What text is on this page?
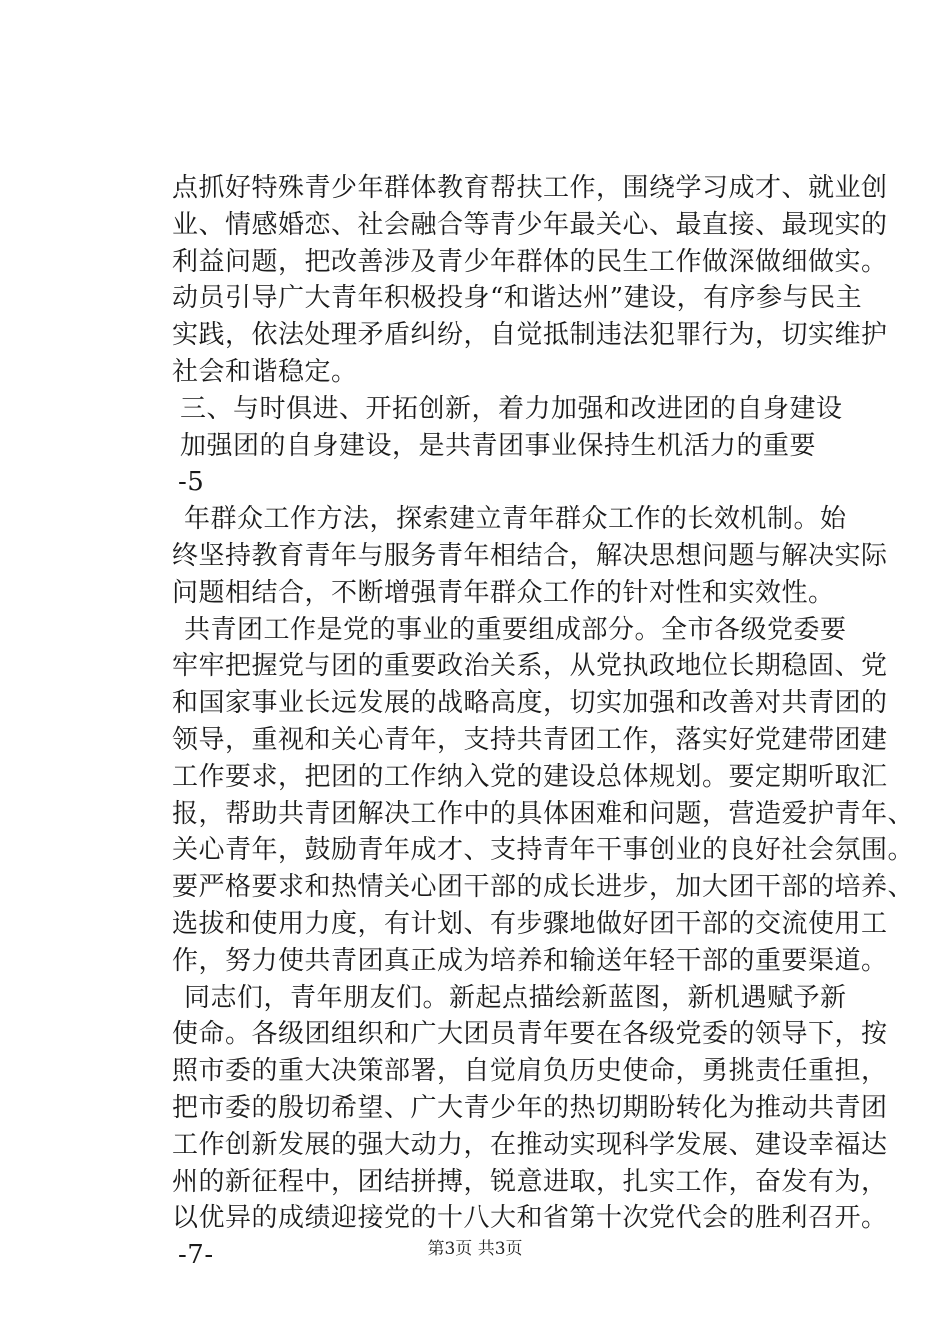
点抓好特殊青少年群体教育帮扶工作，围绕学习成才、就业创
业、情感婚恋、社会融合等青少年最关心、最直接、最现实的
利益问题，把改善涉及青少年群体的民生工作做深做细做实。
动员引导广大青年积极投身“和谐达州”建设，有序参与民主
实践，依法处理矛盾纠纷，自觉抵制违法犯罪行为，切实维护
社会和谐稳定。
三、与时俱进、开拓创新，着力加强和改进团的自身建设
加强团的自身建设，是共青团事业保持生机活力的重要
-5
年群众工作方法，探索建立青年群众工作的长效机制。始
终坚持教育青年与服务青年相结合，解决思想问题与解决实际
问题相结合，不断增强青年群众工作的针对性和实效性。
共青团工作是党的事业的重要组成部分。全市各级党委要
牢牢把握党与团的重要政治关系，从党执政地位长期稳固、党
和国家事业长远发展的战略高度，切实加强和改善对共青团的
领导，重视和关心青年，支持共青团工作，落实好党建带团建
工作要求，把团的工作纳入党的建设总体规划。要定期听取汇
报，帮助共青团解决工作中的具体困难和问题，营造爱护青年、
关心青年，鼓励青年成才、支持青年干事创业的良好社会氛围。
要严格要求和热情关心团干部的成长进步，加大团干部的培养、
选拔和使用力度，有计划、有步骤地做好团干部的交流使用工
作，努力使共青团真正成为培养和输送年轻干部的重要渠道。
同志们，青年朋友们。新起点描绘新蓝图，新机遇赋予新
使命。各级团组织和广大团员青年要在各级党委的领导下，按
照市委的重大决策部署，自觉肩负历史使命，勇挑责任重担，
把市委的殷切希望、广大青少年的热切期盼转化为推动共青团
工作创新发展的强大动力，在推动实现科学发展、建设幸福达
州的新征程中，团结拼搏，锐意进取，扎实工作，奋发有为，
以优异的成绩迎接党的十八大和省第十次党代会的胜利召开。
-7-	第3页 共3页
